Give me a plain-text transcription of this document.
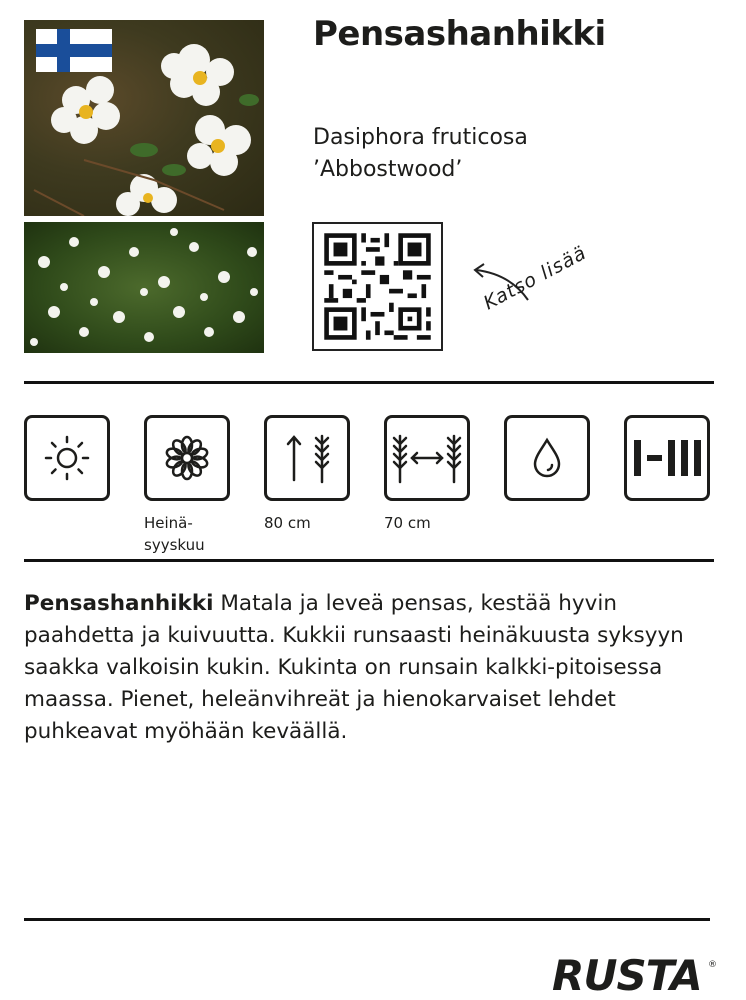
Pensashanhikki
Dasiphora fruticosa
’Abbostwood’
Katso lisää
Heinä-
syyskuu
80 cm	70 cm
Pensashanhikki Matala ja leveä pensas, kestää hyvin paahdetta ja kuivuutta. Kukkii runsaasti heinäkuusta syksyyn saakka valkoisin kukin. Kukinta on runsain kalkki-pitoisessa maassa. Pienet, heleänvihreät ja hienokarvaiset lehdet puhkeavat myöhään keväällä.
RUSTA ®
